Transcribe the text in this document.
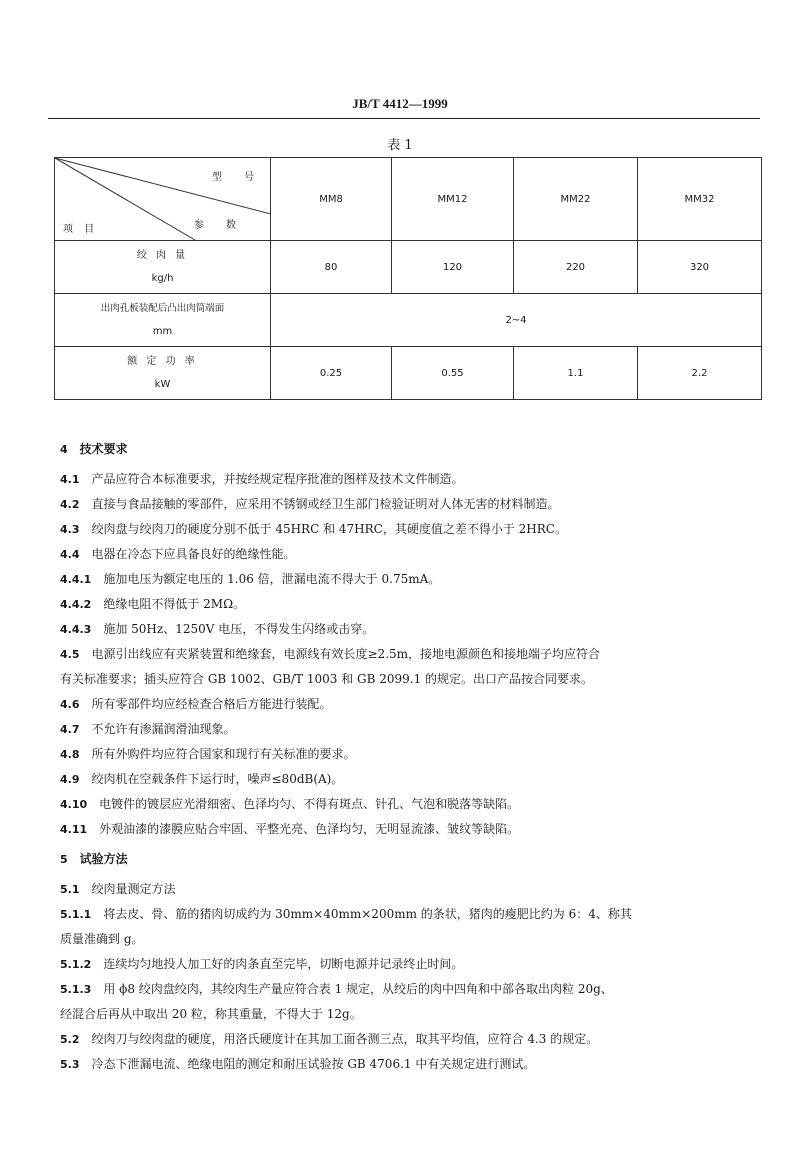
JB/T 4412—1999
表 1
型　号
参　数
项 目	MM8	MM12	MM22	MM32

绞 肉 量
kg/h	80	120	220	320

出肉孔板装配后凸出肉筒端面
mm	2~4			

额 定 功 率
kW	0.25	0.55	1.1	2.2
4 技术要求
4.1 产品应符合本标准要求，并按经规定程序批准的图样及技术文件制造。
4.2 直接与食品接触的零部件，应采用不锈钢或经卫生部门检验证明对人体无害的材料制造。
4.3 绞肉盘与绞肉刀的硬度分别不低于 45HRC 和 47HRC，其硬度值之差不得小于 2HRC。
4.4 电器在冷态下应具备良好的绝缘性能。
4.4.1 施加电压为额定电压的 1.06 倍，泄漏电流不得大于 0.75mA。
4.4.2 绝缘电阻不得低于 2MΩ。
4.4.3 施加 50Hz、1250V 电压，不得发生闪络或击穿。
4.5 电源引出线应有夹紧装置和绝缘套，电源线有效长度≥2.5m，接地电源颜色和接地端子均应符合
有关标准要求；插头应符合 GB 1002、GB/T 1003 和 GB 2099.1 的规定。出口产品按合同要求。
4.6 所有零部件均应经检查合格后方能进行装配。
4.7 不允许有渗漏润滑油现象。
4.8 所有外购件均应符合国家和现行有关标准的要求。
4.9 绞肉机在空载条件下运行时，噪声≤80dB(A)。
4.10 电镀件的镀层应光滑细密、色泽均匀、不得有斑点、针孔、气泡和脱落等缺陷。
4.11 外观油漆的漆膜应贴合牢固、平整光亮、色泽均匀，无明显流漆、皱纹等缺陷。
5 试验方法
5.1 绞肉量测定方法
5.1.1 将去皮、骨、筋的猪肉切成约为 30mm×40mm×200mm 的条状，猪肉的瘦肥比约为 6：4、称其
质量准确到 g。
5.1.2 连续均匀地投人加工好的肉条直至完毕，切断电源并记录终止时间。
5.1.3 用 ϕ8 绞肉盘绞肉，其绞肉生产量应符合表 1 规定，从绞后的肉中四角和中部各取出肉粒 20g、
经混合后再从中取出 20 粒，称其重量，不得大于 12g。
5.2 绞肉刀与绞肉盘的硬度，用洛氏硬度计在其加工面各测三点，取其平均值，应符合 4.3 的规定。
5.3 冷态下泄漏电流、绝缘电阻的测定和耐压试验按 GB 4706.1 中有关规定进行测试。
